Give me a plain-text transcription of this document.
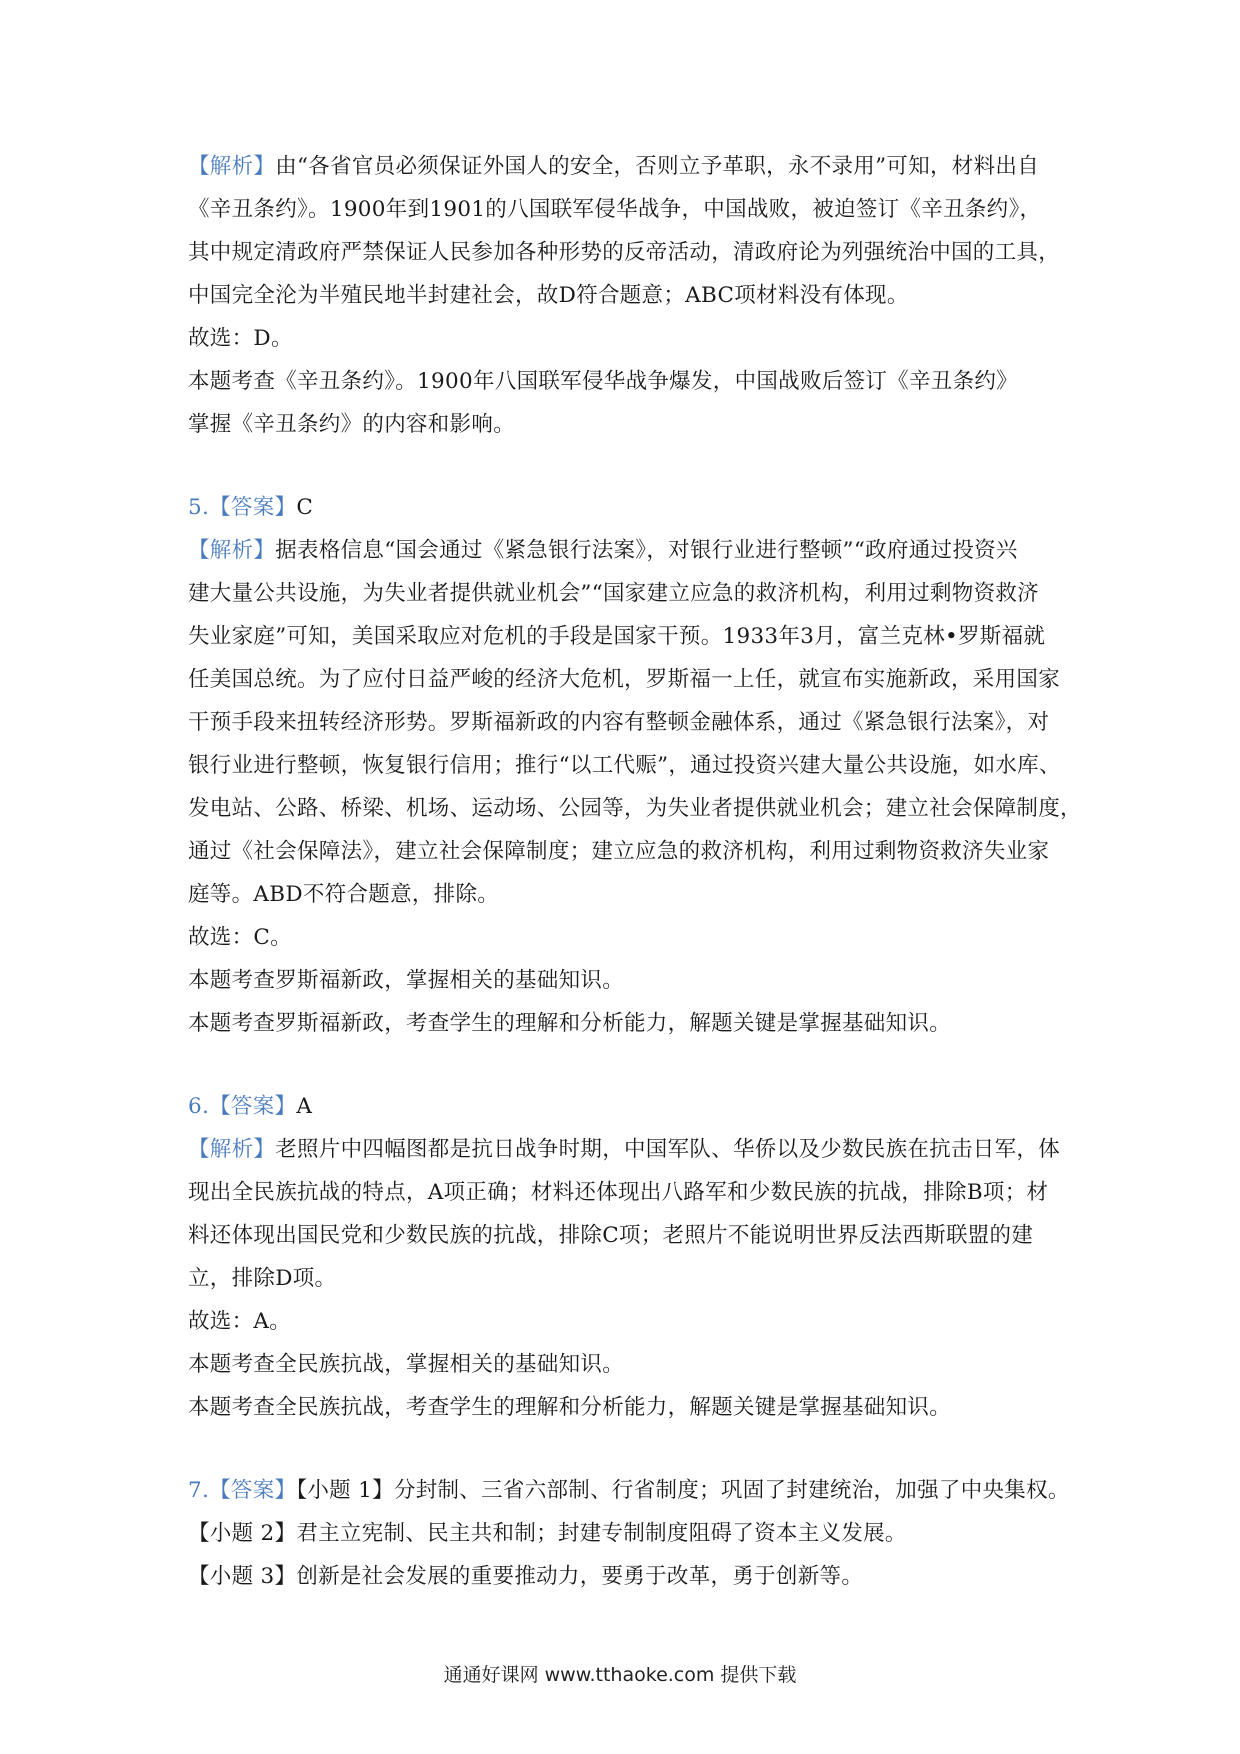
【解析】由“各省官员必须保证外国人的安全，否则立予革职，永不录用”可知，材料出自
《辛丑条约》。1900年到1901的八国联军侵华战争，中国战败，被迫签订《辛丑条约》，
其中规定清政府严禁保证人民参加各种形势的反帝活动，清政府论为列强统治中国的工具，
中国完全沦为半殖民地半封建社会，故D符合题意；ABC项材料没有体现。
故选：D。
本题考查《辛丑条约》。1900年八国联军侵华战争爆发，中国战败后签订《辛丑条约》
掌握《辛丑条约》的内容和影响。
5.【答案】C
【解析】据表格信息“国会通过《紧急银行法案》，对银行业进行整顿”“政府通过投资兴
建大量公共设施，为失业者提供就业机会”“国家建立应急的救济机构，利用过剩物资救济
失业家庭”可知，美国采取应对危机的手段是国家干预。1933年3月，富兰克林•罗斯福就
任美国总统。为了应付日益严峻的经济大危机，罗斯福一上任，就宣布实施新政，采用国家
干预手段来扭转经济形势。罗斯福新政的内容有整顿金融体系，通过《紧急银行法案》，对
银行业进行整顿，恢复银行信用；推行“以工代赈”，通过投资兴建大量公共设施，如水库、
发电站、公路、桥梁、机场、运动场、公园等，为失业者提供就业机会；建立社会保障制度，
通过《社会保障法》，建立社会保障制度；建立应急的救济机构，利用过剩物资救济失业家
庭等。ABD不符合题意，排除。
故选：C。
本题考查罗斯福新政，掌握相关的基础知识。
本题考查罗斯福新政，考查学生的理解和分析能力，解题关键是掌握基础知识。
6.【答案】A
【解析】老照片中四幅图都是抗日战争时期，中国军队、华侨以及少数民族在抗击日军，体
现出全民族抗战的特点，A项正确；材料还体现出八路军和少数民族的抗战，排除B项；材
料还体现出国民党和少数民族的抗战，排除C项；老照片不能说明世界反法西斯联盟的建
立，排除D项。
故选：A。
本题考查全民族抗战，掌握相关的基础知识。
本题考查全民族抗战，考查学生的理解和分析能力，解题关键是掌握基础知识。
7.【答案】【小题 1】分封制、三省六部制、行省制度；巩固了封建统治，加强了中央集权。
【小题 2】君主立宪制、民主共和制；封建专制制度阻碍了资本主义发展。
【小题 3】创新是社会发展的重要推动力，要勇于改革，勇于创新等。
通通好课网 www.tthaoke.com 提供下载
